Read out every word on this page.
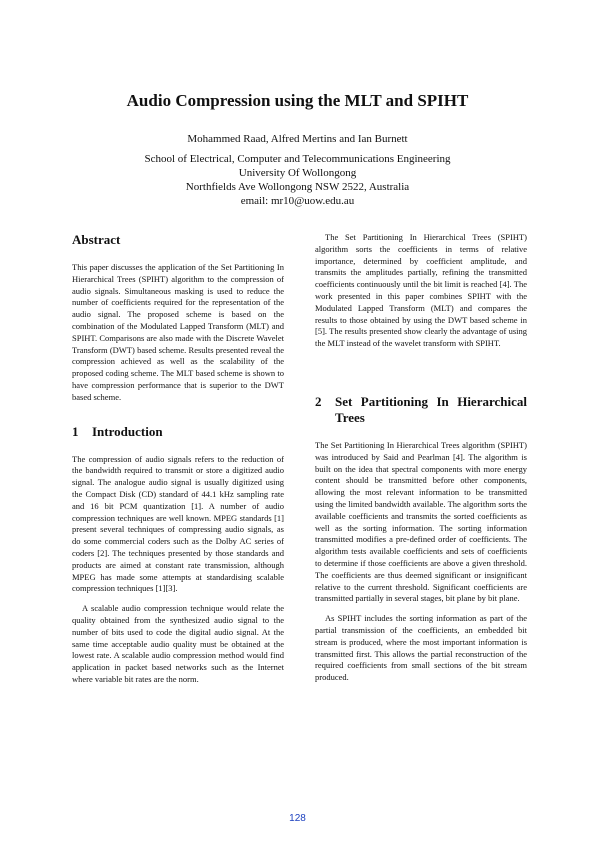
Audio Compression using the MLT and SPIHT
Mohammed Raad, Alfred Mertins and Ian Burnett
School of Electrical, Computer and Telecommunications Engineering
University Of Wollongong
Northfields Ave Wollongong NSW 2522, Australia
email: mr10@uow.edu.au
Abstract

This paper discusses the application of the Set Partitioning In Hierarchical Trees (SPIHT) algorithm to the compression of audio signals. Simultaneous masking is used to reduce the number of coefficients required for the representation of the audio signal. The proposed scheme is based on the combination of the Modulated Lapped Transform (MLT) and SPIHT. Comparisons are also made with the Discrete Wavelet Transform (DWT) based scheme. Results presented reveal the compression achieved as well as the scalability of the proposed coding scheme. The MLT based scheme is shown to have compression performance that is superior to the DWT based scheme.

1	Introduction

The compression of audio signals refers to the reduction of the bandwidth required to transmit or store a digitized audio signal. The analogue audio signal is usually digitized using the Compact Disk (CD) standard of 44.1 kHz sampling rate and 16 bit PCM quantization [1]. A number of audio compression techniques are well known. MPEG standards [1] present several techniques of compressing audio signals, as do some commercial coders such as the Dolby AC series of coders [2]. The techniques presented by those standards and products are aimed at constant rate transmission, although MPEG has made some attempts at standardising scalable compression techniques [1][3].

A scalable audio compression technique would relate the quality obtained from the synthesized audio signal to the number of bits used to code the digital audio signal. At the same time acceptable audio quality must be obtained at the lowest rate. A scalable audio compression method would find application in packet based networks such as the Internet where variable bit rates are the norm.

The Set Partitioning In Hierarchical Trees (SPIHT) algorithm sorts the coefficients in terms of relative importance, determined by coefficient amplitude, and transmits the amplitudes partially, refining the transmitted coefficients continuously until the bit limit is reached [4]. The work presented in this paper combines SPIHT with the Modulated Lapped Transform (MLT) and compares the results to those obtained by using the DWT based scheme in [5]. The results presented show clearly the advantage of using the MLT instead of the wavelet transform with SPIHT.

2	Set Partitioning In Hierarchical Trees

The Set Partitioning In Hierarchical Trees algorithm (SPIHT) was introduced by Said and Pearlman [4]. The algorithm is built on the idea that spectral components with more energy content should be transmitted before other components, allowing the most relevant information to be transmitted using the limited bandwidth available. The algorithm sorts the available coefficients and transmits the sorted coefficients as well as the sorting information. The sorting information transmitted modifies a pre-defined order of coefficients. The algorithm tests available coefficients and sets of coefficients to determine if those coefficients are above a given threshold. The coefficients are thus deemed significant or insignificant relative to the current threshold. Significant coefficients are transmitted partially in several stages, bit plane by bit plane.

As SPIHT includes the sorting information as part of the partial transmission of the coefficients, an embedded bit stream is produced, where the most important information is transmitted first. This allows the partial reconstruction of the required coefficients from small sections of the bit stream produced.

128
